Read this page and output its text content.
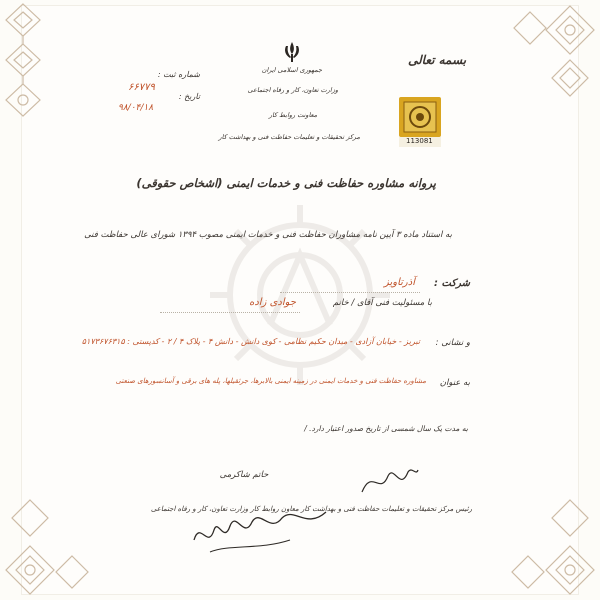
جمهوری اسلامی ایران
وزارت تعاون، کار و رفاه اجتماعی
معاونت روابط کار
مرکز تحقیقات و تعلیمات حفاظت فنی و بهداشت کار
بسمه تعالی
شماره ثبت :
۶۶۷۷۹
تاریخ :
۹۸/۰۴/۱۸
113081
پروانه مشاوره حفاظت فنی و خدمات ایمنی (اشخاص حقوقی)
به استناد ماده ۳ آیین نامه مشاوران حفاظت فنی و خدمات ایمنی مصوب ۱۳۹۴ شورای عالی حفاظت فنی
شرکت :
آذرتاویز
با مسئولیت فنی آقای / خانم
جوادی زاده
و نشانی :
تبریز - خیابان آزادی - میدان حکیم نظامی - کوی دانش - دانش ۴ - پلاک ۴ / ۲ - کدپستی : ۵۱۷۳۶۷۶۳۱۵
به عنوان
مشاوره حفاظت فنی و خدمات ایمنی در زمینه ایمنی بالابرها، جرثقیلها، پله های برقی و آسانسورهای صنعتی
به مدت یک سال شمسی از تاریخ صدور اعتبار دارد. /
حاتم شاکرمی
رئیس مرکز تحقیقات و تعلیمات حفاظت فنی و بهداشت کار معاون روابط کار وزارت تعاون، کار و رفاه اجتماعی
